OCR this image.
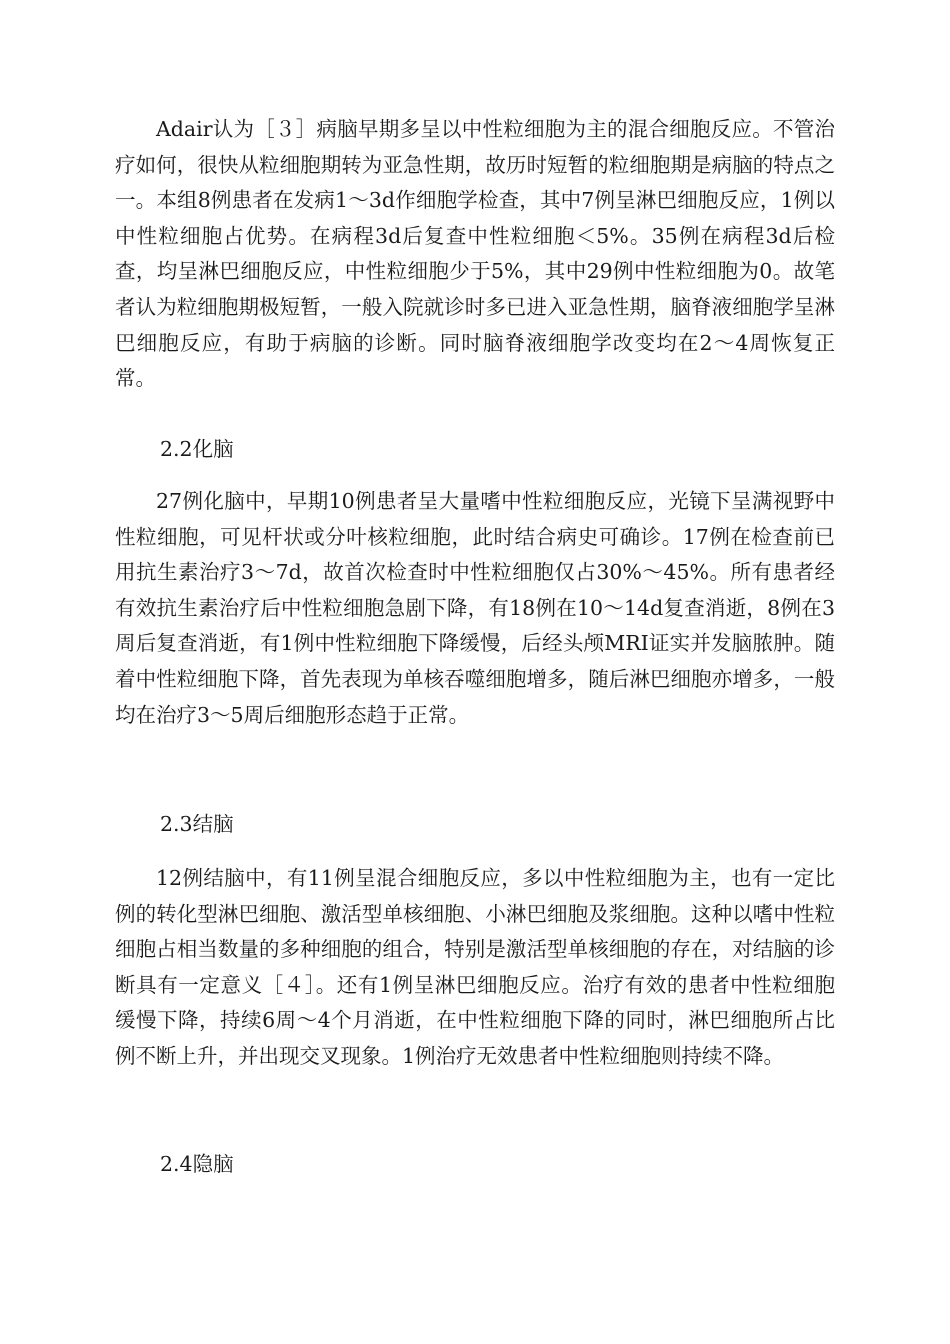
Adair认为［３］病脑早期多呈以中性粒细胞为主的混合细胞反应。不管治疗如何，很快从粒细胞期转为亚急性期，故历时短暂的粒细胞期是病脑的特点之一。本组8例患者在发病1～3d作细胞学检查，其中7例呈淋巴细胞反应，1例以中性粒细胞占优势。在病程3d后复查中性粒细胞＜5%。35例在病程3d后检查，均呈淋巴细胞反应，中性粒细胞少于5%，其中29例中性粒细胞为0。故笔者认为粒细胞期极短暂，一般入院就诊时多已进入亚急性期，脑脊液细胞学呈淋巴细胞反应，有助于病脑的诊断。同时脑脊液细胞学改变均在2～4周恢复正常。

2.2化脑

27例化脑中，早期10例患者呈大量嗜中性粒细胞反应，光镜下呈满视野中性粒细胞，可见杆状或分叶核粒细胞，此时结合病史可确诊。17例在检查前已用抗生素治疗3～7d，故首次检查时中性粒细胞仅占30%～45%。所有患者经有效抗生素治疗后中性粒细胞急剧下降，有18例在10～14d复查消逝，8例在3周后复查消逝，有1例中性粒细胞下降缓慢，后经头颅MRI证实并发脑脓肿。随着中性粒细胞下降，首先表现为单核吞噬细胞增多，随后淋巴细胞亦增多，一般均在治疗3～5周后细胞形态趋于正常。

2.3结脑

12例结脑中，有11例呈混合细胞反应，多以中性粒细胞为主，也有一定比例的转化型淋巴细胞、激活型单核细胞、小淋巴细胞及浆细胞。这种以嗜中性粒细胞占相当数量的多种细胞的组合，特别是激活型单核细胞的存在，对结脑的诊断具有一定意义［４］。还有1例呈淋巴细胞反应。治疗有效的患者中性粒细胞缓慢下降，持续6周～4个月消逝，在中性粒细胞下降的同时，淋巴细胞所占比例不断上升，并出现交叉现象。1例治疗无效患者中性粒细胞则持续不降。

2.4隐脑
